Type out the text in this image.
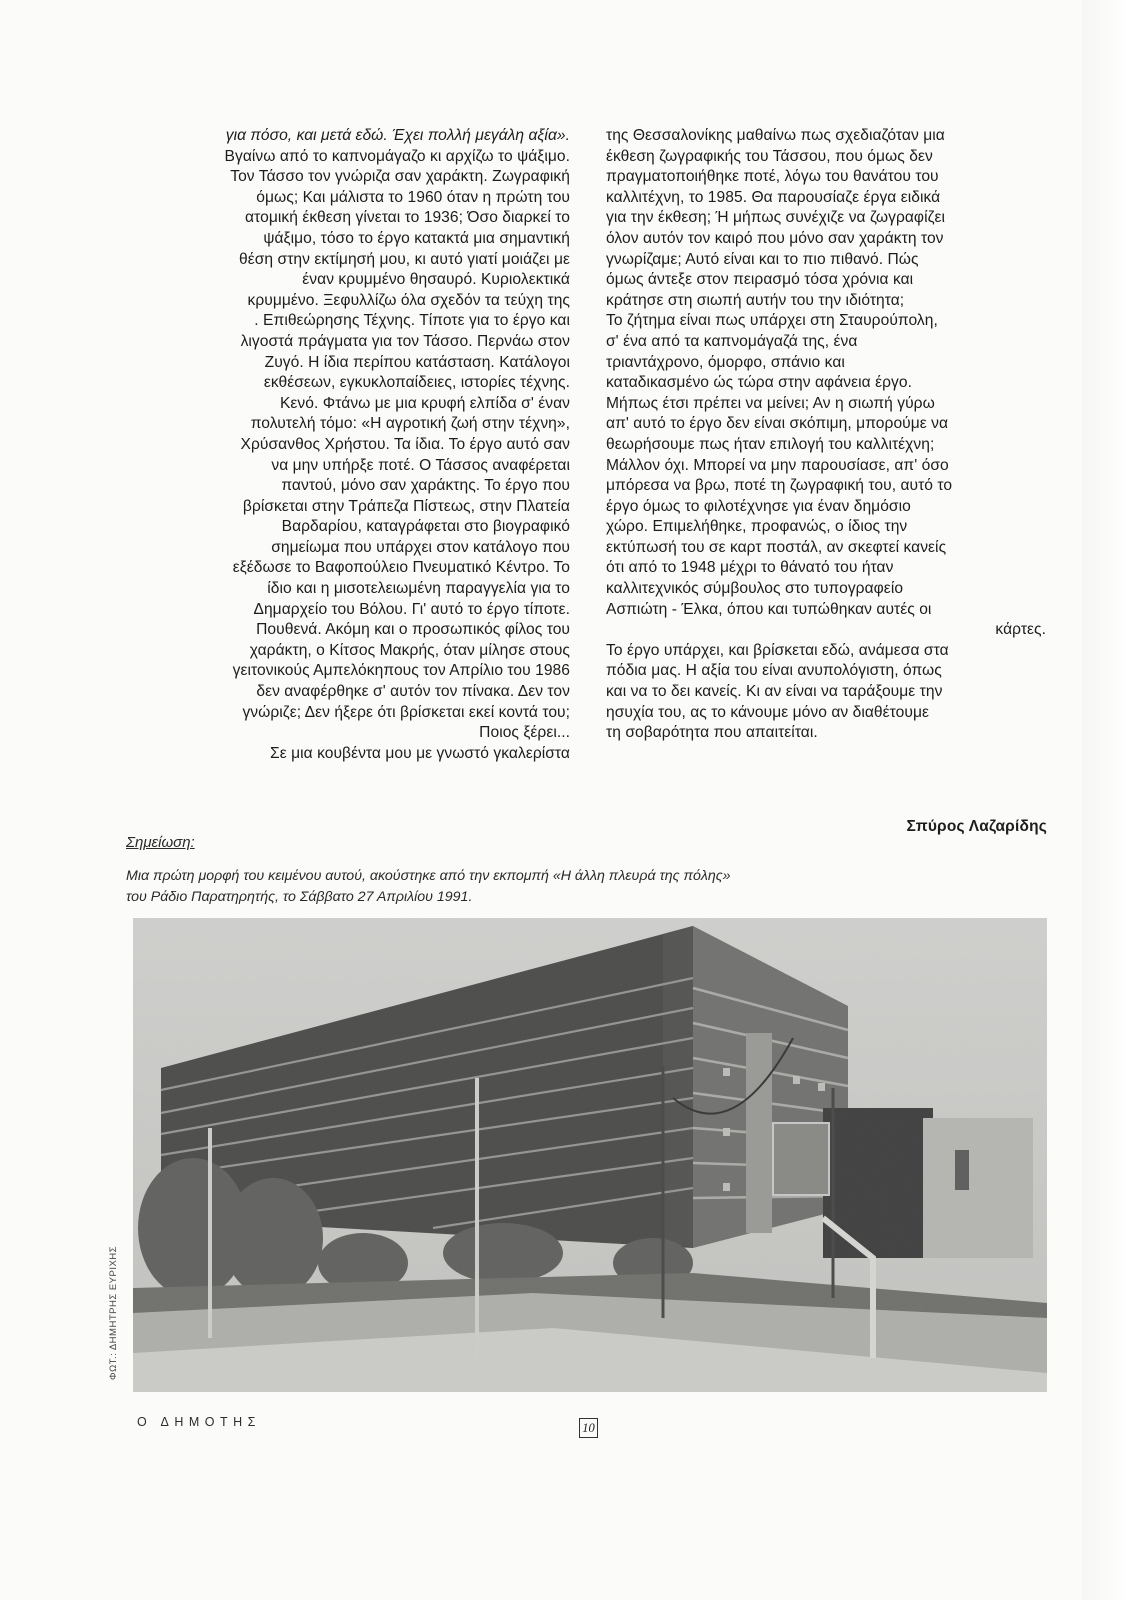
για πόσο, και μετά εδώ. Έχει πολλή μεγάλη αξία».
Βγαίνω από το καπνομάγαζο κι αρχίζω το ψάξιμο.
Τον Τάσσο τον γνώριζα σαν χαράκτη. Ζωγραφική
όμως; Και μάλιστα το 1960 όταν η πρώτη του
ατομική έκθεση γίνεται το 1936; Όσο διαρκεί το
ψάξιμο, τόσο το έργο κατακτά μια σημαντική
θέση στην εκτίμησή μου, κι αυτό γιατί μοιάζει με
έναν κρυμμένο θησαυρό. Κυριολεκτικά
κρυμμένο. Ξεφυλλίζω όλα σχεδόν τα τεύχη της
. Επιθεώρησης Τέχνης. Τίποτε για το έργο και
λιγοστά πράγματα για τον Τάσσο. Περνάω στον
Ζυγό. Η ίδια περίπου κατάσταση. Κατάλογοι
εκθέσεων, εγκυκλοπαίδειες, ιστορίες τέχνης.
Κενό. Φτάνω με μια κρυφή ελπίδα σ' έναν
πολυτελή τόμο: «Η αγροτική ζωή στην τέχνη»,
Χρύσανθος Χρήστου. Τα ίδια. Το έργο αυτό σαν
να μην υπήρξε ποτέ. Ο Τάσσος αναφέρεται
παντού, μόνο σαν χαράκτης. Το έργο που
βρίσκεται στην Τράπεζα Πίστεως, στην Πλατεία
Βαρδαρίου, καταγράφεται στο βιογραφικό
σημείωμα που υπάρχει στον κατάλογο που
εξέδωσε το Βαφοπούλειο Πνευματικό Κέντρο. Το
ίδιο και η μισοτελειωμένη παραγγελία για το
Δημαρχείο του Βόλου. Γι' αυτό το έργο τίποτε.
Πουθενά. Ακόμη και ο προσωπικός φίλος του
χαράκτη, ο Κίτσος Μακρής, όταν μίλησε στους
γειτονικούς Αμπελόκηπους τον Απρίλιο του 1986
δεν αναφέρθηκε σ' αυτόν τον πίνακα. Δεν τον
γνώριζε; Δεν ήξερε ότι βρίσκεται εκεί κοντά του;
Ποιος ξέρει...
Σε μια κουβέντα μου με γνωστό γκαλερίστα
της Θεσσαλονίκης μαθαίνω πως σχεδιαζόταν μια
έκθεση ζωγραφικής του Τάσσου, που όμως δεν
πραγματοποιήθηκε ποτέ, λόγω του θανάτου του
καλλιτέχνη, το 1985. Θα παρουσίαζε έργα ειδικά
για την έκθεση; Ή μήπως συνέχιζε να ζωγραφίζει
όλον αυτόν τον καιρό που μόνο σαν χαράκτη τον
γνωρίζαμε; Αυτό είναι και το πιο πιθανό. Πώς
όμως άντεξε στον πειρασμό τόσα χρόνια και
κράτησε στη σιωπή αυτήν του την ιδιότητα;
Το ζήτημα είναι πως υπάρχει στη Σταυρούπολη,
σ' ένα από τα καπνομάγαζά της, ένα
τριαντάχρονο, όμορφο, σπάνιο και
καταδικασμένο ώς τώρα στην αφάνεια έργο.
Μήπως έτσι πρέπει να μείνει; Αν η σιωπή γύρω
απ' αυτό το έργο δεν είναι σκόπιμη, μπορούμε να
θεωρήσουμε πως ήταν επιλογή του καλλιτέχνη;
Μάλλον όχι. Μπορεί να μην παρουσίασε, απ' όσο
μπόρεσα να βρω, ποτέ τη ζωγραφική του, αυτό το
έργο όμως το φιλοτέχνησε για έναν δημόσιο
χώρο. Επιμελήθηκε, προφανώς, ο ίδιος την
εκτύπωσή του σε καρτ ποστάλ, αν σκεφτεί κανείς
ότι από το 1948 μέχρι το θάνατό του ήταν
καλλιτεχνικός σύμβουλος στο τυπογραφείο
Ασπιώτη - Έλκα, όπου και τυπώθηκαν αυτές οι
κάρτες.
Το έργο υπάρχει, και βρίσκεται εδώ, ανάμεσα στα
πόδια μας. Η αξία του είναι ανυπολόγιστη, όπως
και να το δει κανείς. Κι αν είναι να ταράξουμε την
ησυχία του, ας το κάνουμε μόνο αν διαθέτουμε
τη σοβαρότητα που απαιτείται.
Σπύρος Λαζαρίδης
Σημείωση:
Μια πρώτη μορφή του κειμένου αυτού, ακούστηκε από την εκπομπή «Η άλλη πλευρά της πόλης»
του Ράδιο Παρατηρητής, το Σάββατο 27 Απριλίου 1991.
ΦΩΤ.: ΔΗΜΗΤΡΗΣ ΕΥΡΙΧΗΣ
Ο ΔΗΜΟΤΗΣ	10
